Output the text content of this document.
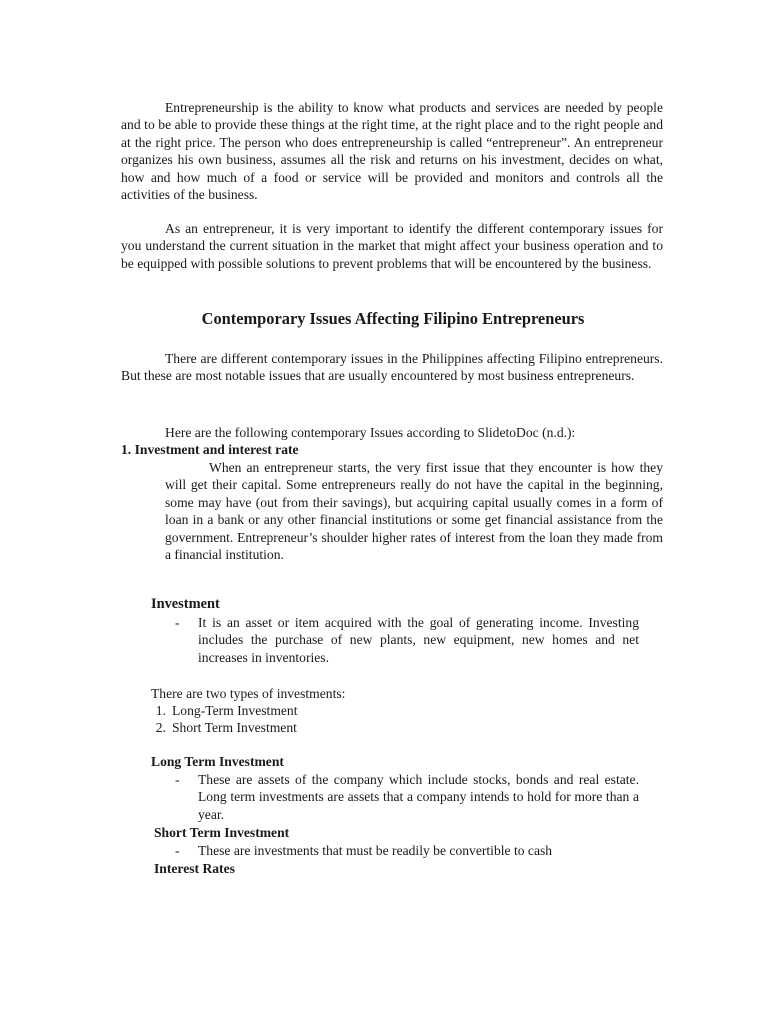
Entrepreneurship is the ability to know what products and services are needed by people and to be able to provide these things at the right time, at the right place and to the right people and at the right price. The person who does entrepreneurship is called “entrepreneur”. An entrepreneur organizes his own business, assumes all the risk and returns on his investment, decides on what, how and how much of a food or service will be provided and monitors and controls all the activities of the business.

As an entrepreneur, it is very important to identify the different contemporary issues for you understand the current situation in the market that might affect your business operation and to be equipped with possible solutions to prevent problems that will be encountered by the business.

Contemporary Issues Affecting Filipino Entrepreneurs

There are different contemporary issues in the Philippines affecting Filipino entrepreneurs. But these are most notable issues that are usually encountered by most business entrepreneurs.

Here are the following contemporary Issues according to SlidetoDoc (n.d.):

1. Investment and interest rate

When an entrepreneur starts, the very first issue that they encounter is how they will get their capital. Some entrepreneurs really do not have the capital in the beginning, some may have (out from their savings), but acquiring capital usually comes in a form of loan in a bank or any other financial institutions or some get financial assistance from the government. Entrepreneur’s shoulder higher rates of interest from the loan they made from a financial institution.

Investment
-	It is an asset or item acquired with the goal of generating income. Investing includes the purchase of new plants, new equipment, new homes and net increases in inventories.
There are two types of investments:
1. Long-Term Investment
2. Short Term Investment
Long Term Investment
-	These are assets of the company which include stocks, bonds and real estate. Long term investments are assets that a company intends to hold for more than a year.
Short Term Investment
-	These are investments that must be readily be convertible to cash
Interest Rates
